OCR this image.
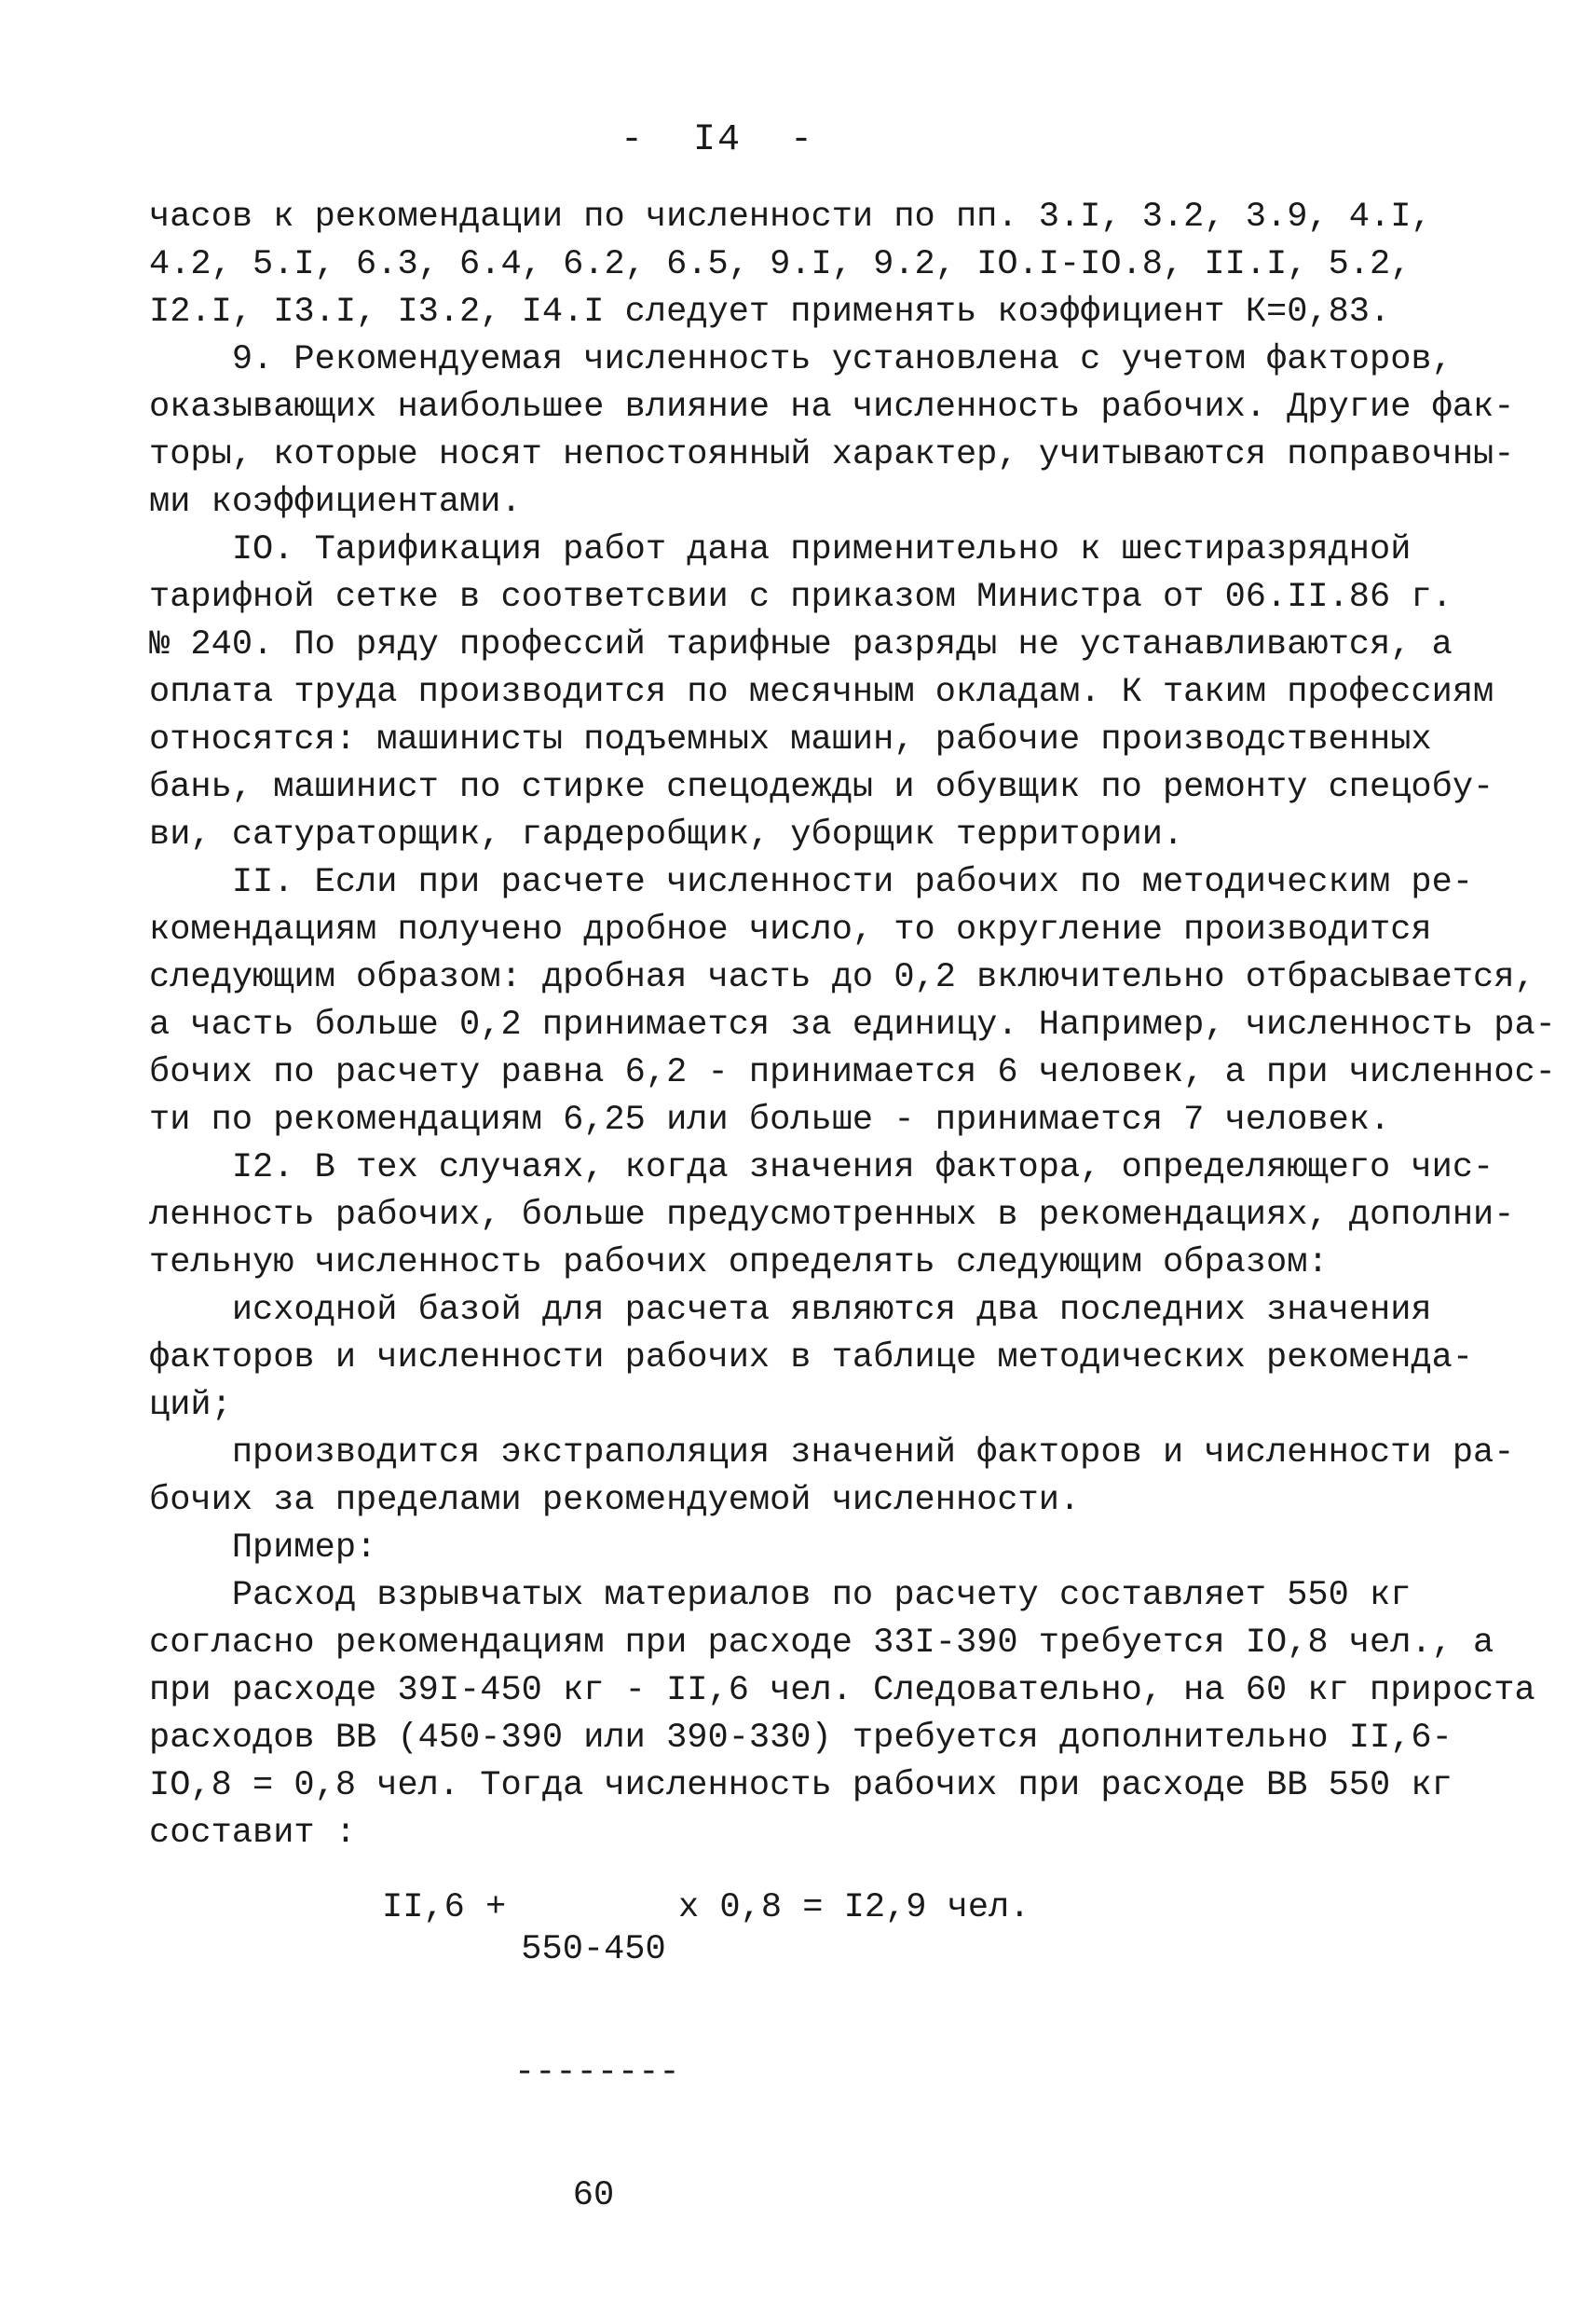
-  I4  -
часов к рекомендации по численности по пп. 3.I, 3.2, 3.9, 4.I,
4.2, 5.I, 6.3, 6.4, 6.2, 6.5, 9.I, 9.2, IO.I-IO.8, II.I, 5.2,
I2.I, I3.I, I3.2, I4.I следует применять коэффициент К=0,83.
9. Рекомендуемая численность установлена с учетом факторов,
оказывающих наибольшее влияние на численность рабочих. Другие фак-
торы, которые носят непостоянный характер, учитываются поправочны-
ми коэффициентами.
IO. Тарификация работ дана применительно к шестиразрядной
тарифной сетке в соответсвии с приказом Министра от 06.II.86 г.
№ 240. По ряду профессий тарифные разряды не устанавливаются, а
оплата труда производится по месячным окладам. К таким профессиям
относятся: машинисты подъемных машин, рабочие производственных
бань, машинист по стирке спецодежды и обувщик по ремонту спецобу-
ви, сатураторщик, гардеробщик, уборщик территории.
II. Если при расчете численности рабочих по методическим ре-
комендациям получено дробное число, то округление производится
следующим образом: дробная часть до 0,2 включительно отбрасывается,
а часть больше 0,2 принимается за единицу. Например, численность ра-
бочих по расчету равна 6,2 - принимается 6 человек, а при численнос-
ти по рекомендациям 6,25 или больше - принимается 7 человек.
I2. В тех случаях, когда значения фактора, определяющего чис-
ленность рабочих, больше предусмотренных в рекомендациях, дополни-
тельную численность рабочих определять следующим образом:
исходной базой для расчета являются два последних значения
факторов и численности рабочих в таблице методических рекоменда-
ций;
производится экстраполяция значений факторов и численности ра-
бочих за пределами рекомендуемой численности.
Пример:
Расход взрывчатых материалов по расчету составляет 550 кг
согласно рекомендациям при расходе 33I-390 требуется IO,8 чел., а
при расходе 39I-450 кг - II,6 чел. Следовательно, на 60 кг прироста
расходов ВВ (450-390 или 390-330) требуется дополнительно II,6-
IO,8 = 0,8 чел. Тогда численность рабочих при расходе ВВ 550 кг
составит :
II,6 +

550-450

--------

60

x 0,8 = I2,9 чел.
